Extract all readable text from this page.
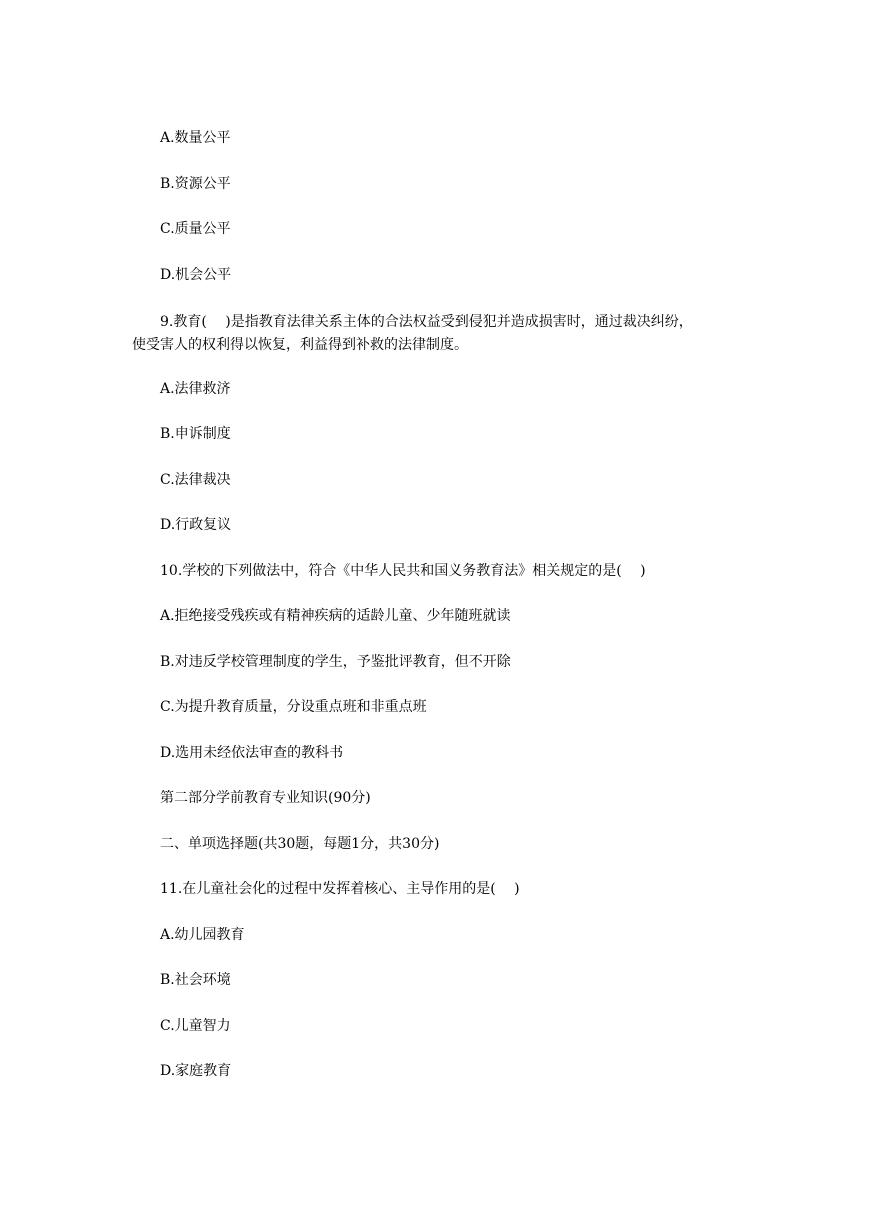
A.数量公平
B.资源公平
C.质量公平
D.机会公平
9.教育(　 )是指教育法律关系主体的合法权益受到侵犯并造成损害时，通过裁决纠纷，
使受害人的权利得以恢复，利益得到补救的法律制度。
A.法律救济
B.申诉制度
C.法律裁决
D.行政复议
10.学校的下列做法中，符合《中华人民共和国义务教育法》相关规定的是(　 )
A.拒绝接受残疾或有精神疾病的适龄儿童、少年随班就读
B.对违反学校管理制度的学生，予鉴批评教育，但不开除
C.为提升教育质量，分设重点班和非重点班
D.选用未经依法审查的教科书
第二部分学前教育专业知识(90分)
二、单项选择题(共30题，每题1分，共30分)
11.在儿童社会化的过程中发挥着核心、主导作用的是(　 )
A.幼儿园教育
B.社会环境
C.儿童智力
D.家庭教育
